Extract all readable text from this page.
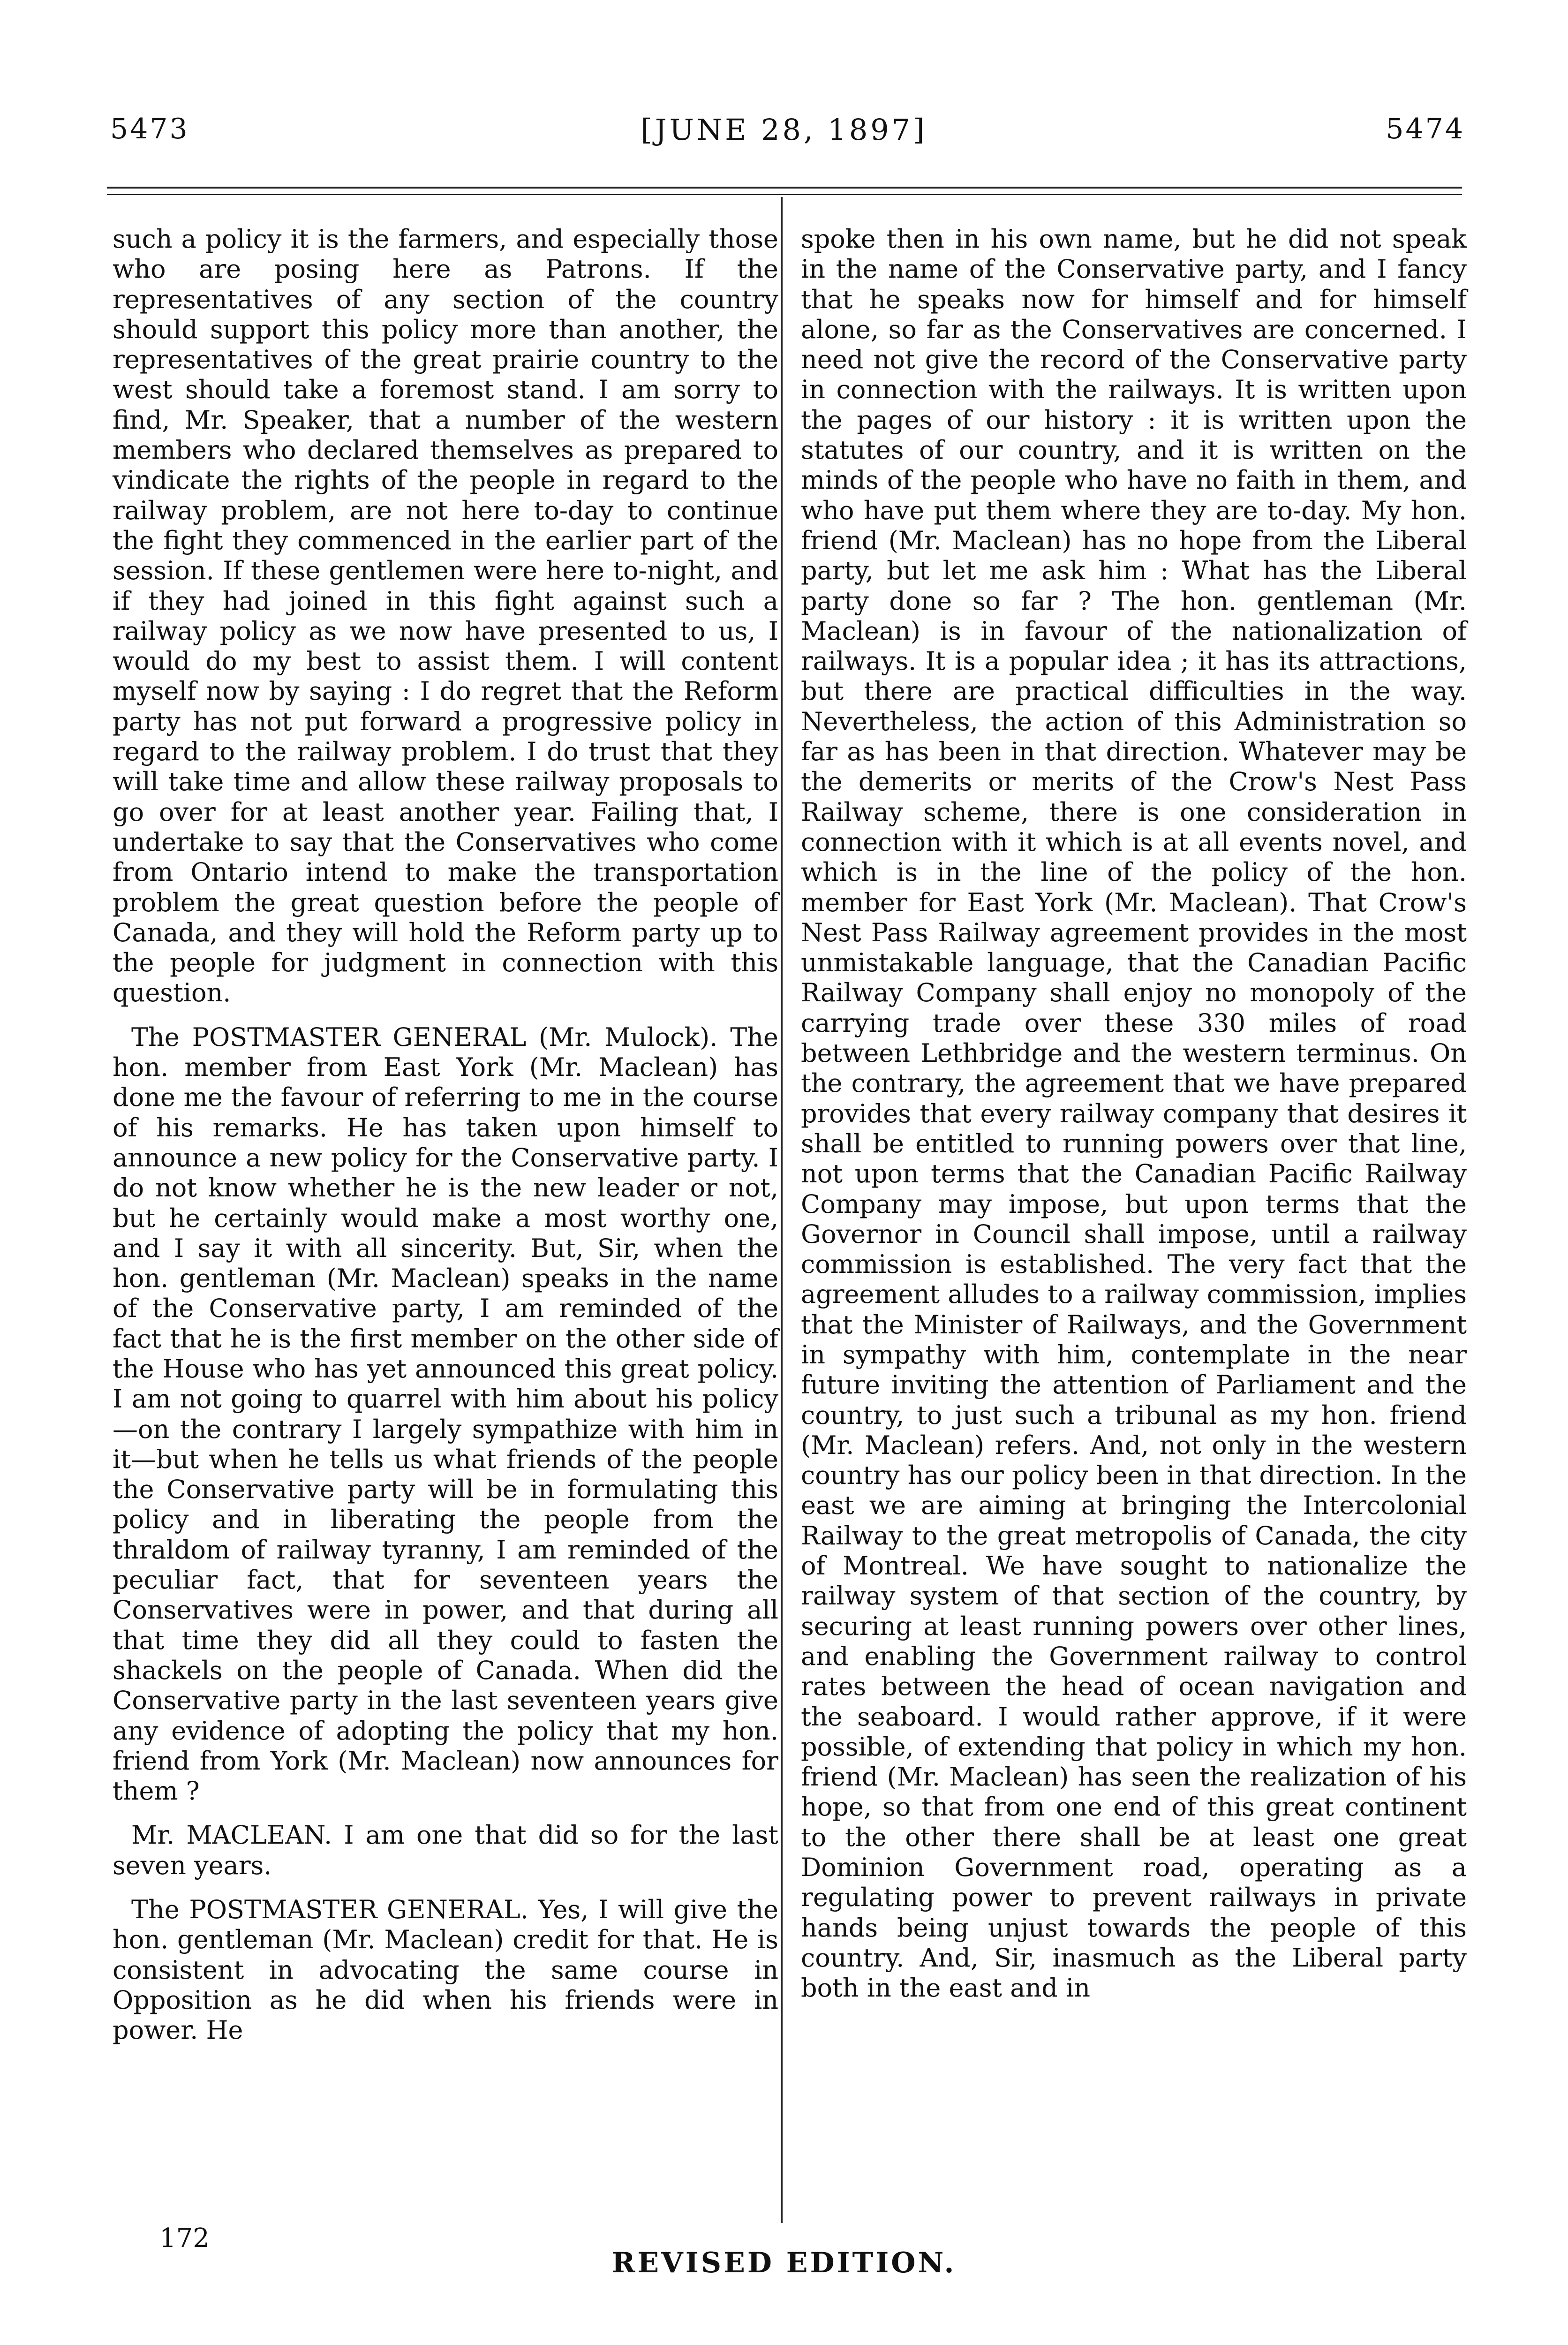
5473	[JUNE 28, 1897]	5474

such a policy it is the farmers, and especially those who are posing here as Patrons. If the representatives of any section of the country should support this policy more than another, the representatives of the great prairie country to the west should take a foremost stand. I am sorry to find, Mr. Speaker, that a number of the western members who declared themselves as prepared to vindicate the rights of the people in regard to the railway problem, are not here to-day to continue the fight they commenced in the earlier part of the session. If these gentlemen were here to-night, and if they had joined in this fight against such a railway policy as we now have presented to us, I would do my best to assist them. I will content myself now by saying : I do regret that the Reform party has not put forward a progressive policy in regard to the railway problem. I do trust that they will take time and allow these railway proposals to go over for at least another year. Failing that, I undertake to say that the Conservatives who come from Ontario intend to make the transportation problem the great question before the people of Canada, and they will hold the Reform party up to the people for judgment in connection with this question.

The POSTMASTER GENERAL (Mr. Mulock). The hon. member from East York (Mr. Maclean) has done me the favour of referring to me in the course of his remarks. He has taken upon himself to announce a new policy for the Conservative party. I do not know whether he is the new leader or not, but he certainly would make a most worthy one, and I say it with all sincerity. But, Sir, when the hon. gentleman (Mr. Maclean) speaks in the name of the Conservative party, I am reminded of the fact that he is the first member on the other side of the House who has yet announced this great policy. I am not going to quarrel with him about his policy—on the contrary I largely sympathize with him in it—but when he tells us what friends of the people the Conservative party will be in formulating this policy and in liberating the people from the thraldom of railway tyranny, I am reminded of the peculiar fact, that for seventeen years the Conservatives were in power, and that during all that time they did all they could to fasten the shackels on the people of Canada. When did the Conservative party in the last seventeen years give any evidence of adopting the policy that my hon. friend from York (Mr. Maclean) now announces for them ?

Mr. MACLEAN. I am one that did so for the last seven years.

The POSTMASTER GENERAL. Yes, I will give the hon. gentleman (Mr. Maclean) credit for that. He is consistent in advocating the same course in Opposition as he did when his friends were in power. He

spoke then in his own name, but he did not speak in the name of the Conservative party, and I fancy that he speaks now for himself and for himself alone, so far as the Conservatives are concerned. I need not give the record of the Conservative party in connection with the railways. It is written upon the pages of our history : it is written upon the statutes of our country, and it is written on the minds of the people who have no faith in them, and who have put them where they are to-day. My hon. friend (Mr. Maclean) has no hope from the Liberal party, but let me ask him : What has the Liberal party done so far ? The hon. gentleman (Mr. Maclean) is in favour of the nationalization of railways. It is a popular idea ; it has its attractions, but there are practical difficulties in the way. Nevertheless, the action of this Administration so far as has been in that direction. Whatever may be the demerits or merits of the Crow's Nest Pass Railway scheme, there is one consideration in connection with it which is at all events novel, and which is in the line of the policy of the hon. member for East York (Mr. Maclean). That Crow's Nest Pass Railway agreement provides in the most unmistakable language, that the Canadian Pacific Railway Company shall enjoy no monopoly of the carrying trade over these 330 miles of road between Lethbridge and the western terminus. On the contrary, the agreement that we have prepared provides that every railway company that desires it shall be entitled to running powers over that line, not upon terms that the Canadian Pacific Railway Company may impose, but upon terms that the Governor in Council shall impose, until a railway commission is established. The very fact that the agreement alludes to a railway commission, implies that the Minister of Railways, and the Government in sympathy with him, contemplate in the near future inviting the attention of Parliament and the country, to just such a tribunal as my hon. friend (Mr. Maclean) refers. And, not only in the western country has our policy been in that direction. In the east we are aiming at bringing the Intercolonial Railway to the great metropolis of Canada, the city of Montreal. We have sought to nationalize the railway system of that section of the country, by securing at least running powers over other lines, and enabling the Government railway to control rates between the head of ocean navigation and the seaboard. I would rather approve, if it were possible, of extending that policy in which my hon. friend (Mr. Maclean) has seen the realization of his hope, so that from one end of this great continent to the other there shall be at least one great Dominion Government road, operating as a regulating power to prevent railways in private hands being unjust towards the people of this country. And, Sir, inasmuch as the Liberal party both in the east and in

172
REVISED EDITION.
